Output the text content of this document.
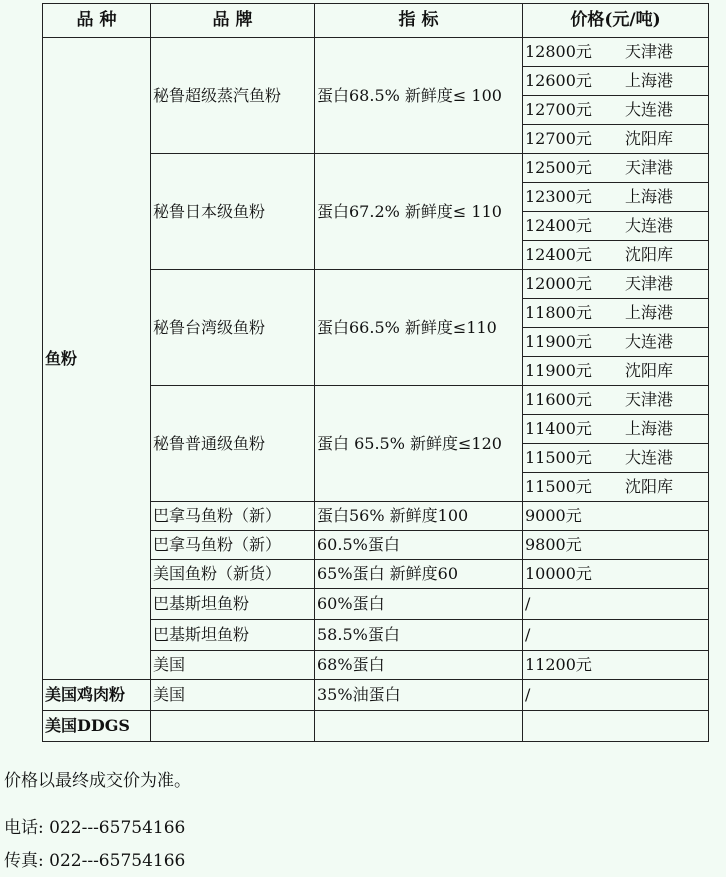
品 种	品 牌	指 标	价格(元/吨)
鱼粉	秘鲁超级蒸汽鱼粉	蛋白68.5% 新鲜度≤ 100	12800元 天津港
			12600元 上海港
			12700元 大连港
			12700元 沈阳库
	秘鲁日本级鱼粉	蛋白67.2% 新鲜度≤ 110	12500元 天津港
			12300元 上海港
			12400元 大连港
			12400元 沈阳库
	秘鲁台湾级鱼粉	蛋白66.5% 新鲜度≤110	12000元 天津港
			11800元 上海港
			11900元 大连港
			11900元 沈阳库
	秘鲁普通级鱼粉	蛋白 65.5% 新鲜度≤120	11600元 天津港
			11400元 上海港
			11500元 大连港
			11500元 沈阳库
	巴拿马鱼粉（新）	蛋白56% 新鲜度100	9000元
	巴拿马鱼粉（新）	60.5%蛋白	9800元
	美国鱼粉（新货）	65%蛋白 新鲜度60	10000元
	巴基斯坦鱼粉	60%蛋白	/
	巴基斯坦鱼粉	58.5%蛋白	/
	美国	68%蛋白	11200元
美国鸡肉粉	美国	35%油蛋白	/
美国DDGS			
价格以最终成交价为准。
电话: 022---65754166
传真: 022---65754166
